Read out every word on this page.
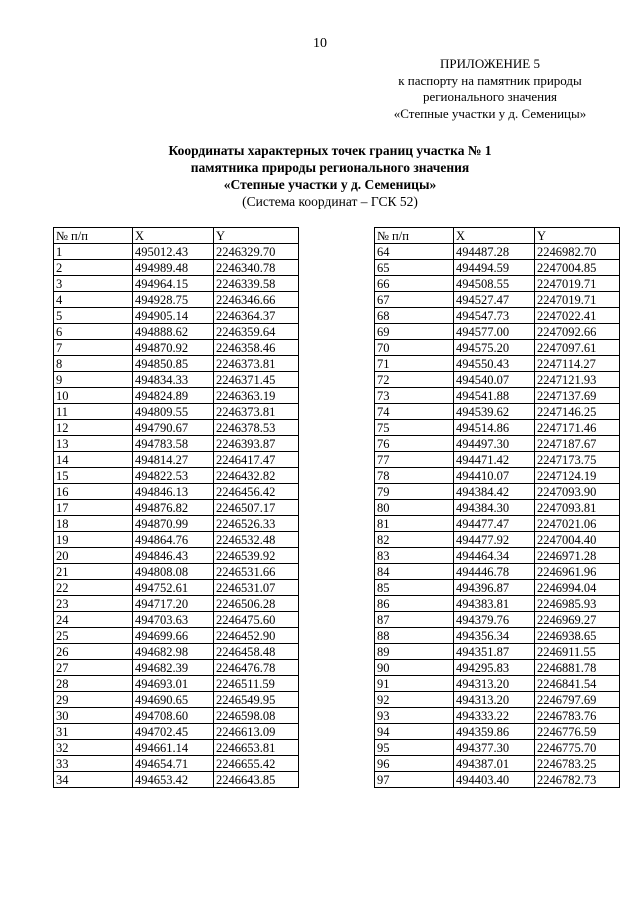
10
ПРИЛОЖЕНИЕ 5
к паспорту на памятник природы
регионального значения
«Степные участки у д. Семеницы»
Координаты характерных точек границ участка № 1
памятника природы регионального значения
«Степные участки у д. Семеницы»
(Система координат – ГСК 52)
№ п/п	X	Y
1	495012.43	2246329.70
2	494989.48	2246340.78
3	494964.15	2246339.58
4	494928.75	2246346.66
5	494905.14	2246364.37
6	494888.62	2246359.64
7	494870.92	2246358.46
8	494850.85	2246373.81
9	494834.33	2246371.45
10	494824.89	2246363.19
11	494809.55	2246373.81
12	494790.67	2246378.53
13	494783.58	2246393.87
14	494814.27	2246417.47
15	494822.53	2246432.82
16	494846.13	2246456.42
17	494876.82	2246507.17
18	494870.99	2246526.33
19	494864.76	2246532.48
20	494846.43	2246539.92
21	494808.08	2246531.66
22	494752.61	2246531.07
23	494717.20	2246506.28
24	494703.63	2246475.60
25	494699.66	2246452.90
26	494682.98	2246458.48
27	494682.39	2246476.78
28	494693.01	2246511.59
29	494690.65	2246549.95
30	494708.60	2246598.08
31	494702.45	2246613.09
32	494661.14	2246653.81
33	494654.71	2246655.42
34	494653.42	2246643.85
№ п/п	X	Y
64	494487.28	2246982.70
65	494494.59	2247004.85
66	494508.55	2247019.71
67	494527.47	2247019.71
68	494547.73	2247022.41
69	494577.00	2247092.66
70	494575.20	2247097.61
71	494550.43	2247114.27
72	494540.07	2247121.93
73	494541.88	2247137.69
74	494539.62	2247146.25
75	494514.86	2247171.46
76	494497.30	2247187.67
77	494471.42	2247173.75
78	494410.07	2247124.19
79	494384.42	2247093.90
80	494384.30	2247093.81
81	494477.47	2247021.06
82	494477.92	2247004.40
83	494464.34	2246971.28
84	494446.78	2246961.96
85	494396.87	2246994.04
86	494383.81	2246985.93
87	494379.76	2246969.27
88	494356.34	2246938.65
89	494351.87	2246911.55
90	494295.83	2246881.78
91	494313.20	2246841.54
92	494313.20	2246797.69
93	494333.22	2246783.76
94	494359.86	2246776.59
95	494377.30	2246775.70
96	494387.01	2246783.25
97	494403.40	2246782.73
